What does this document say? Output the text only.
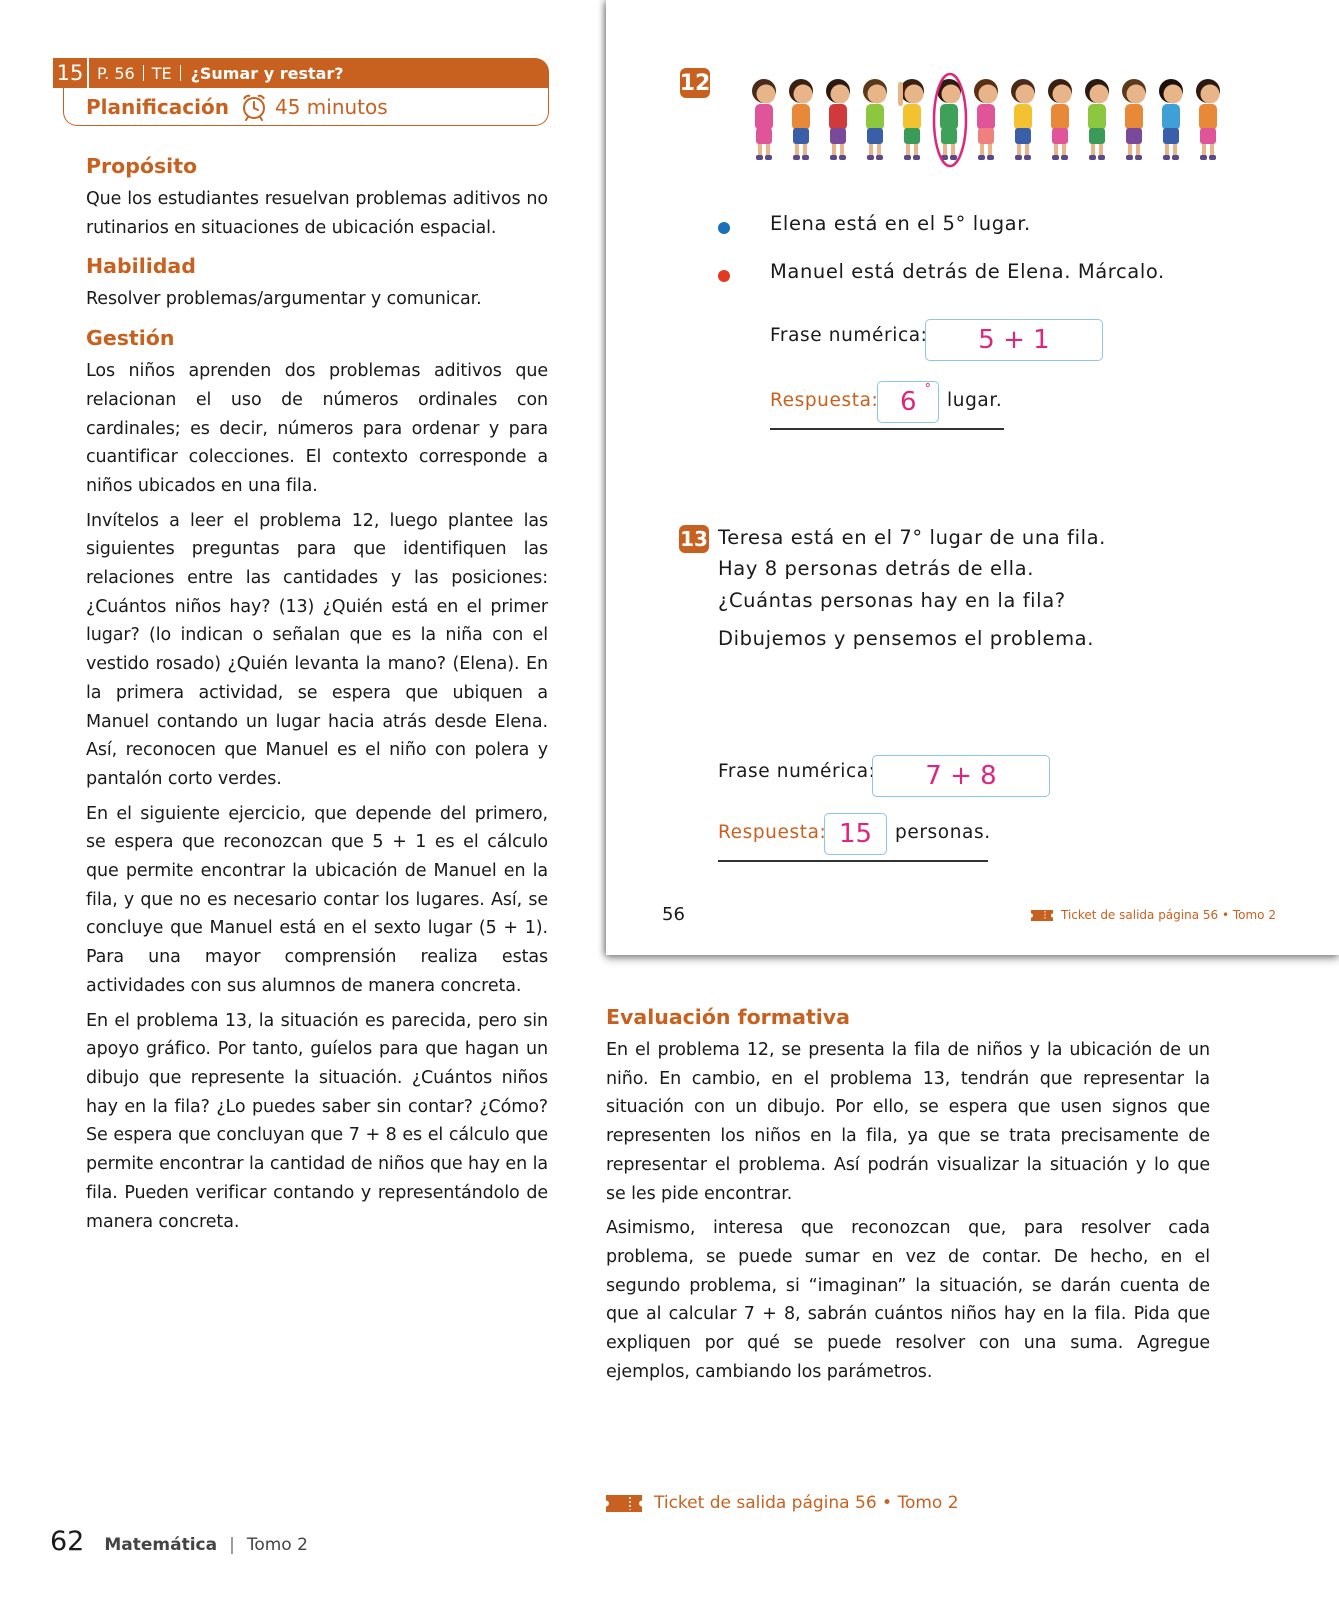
15 P. 56	TE	¿Sumar y restar?
Planificación 45 minutos
Propósito
Que los estudiantes resuelvan problemas aditivos no rutinarios en situaciones de ubicación espacial.
Habilidad
Resolver problemas/argumentar y comunicar.
Gestión
Los niños aprenden dos problemas aditivos que relacionan el uso de números ordinales con cardinales; es decir, números para ordenar y para cuantificar colecciones. El contexto corresponde a niños ubicados en una fila.
Invítelos a leer el problema 12, luego plantee las siguientes preguntas para que identifiquen las relaciones entre las cantidades y las posiciones: ¿Cuántos niños hay? (13) ¿Quién está en el primer lugar? (lo indican o señalan que es la niña con el vestido rosado) ¿Quién levanta la mano? (Elena). En la primera actividad, se espera que ubiquen a Manuel contando un lugar hacia atrás desde Elena. Así, reconocen que Manuel es el niño con polera y pantalón corto verdes.
En el siguiente ejercicio, que depende del primero, se espera que reconozcan que 5 + 1 es el cálculo que permite encontrar la ubicación de Manuel en la fila, y que no es necesario contar los lugares. Así, se concluye que Manuel está en el sexto lugar (5 + 1). Para una mayor comprensión realiza estas actividades con sus alumnos de manera concreta.
En el problema 13, la situación es parecida, pero sin apoyo gráfico. Por tanto, guíelos para que hagan un dibujo que represente la situación. ¿Cuántos niños hay en la fila? ¿Lo puedes saber sin contar? ¿Cómo? Se espera que concluyan que 7 + 8 es el cálculo que permite encontrar la cantidad de niños que hay en la fila. Pueden verificar contando y representándolo de manera concreta.
12
Elena está en el 5° lugar.
Manuel está detrás de Elena. Márcalo.
Frase numérica:	5 + 1
Respuesta: 6 °
lugar.
13 Teresa está en el 7° lugar de una fila.
Hay 8 personas detrás de ella.
¿Cuántas personas hay en la fila?
Dibujemos y pensemos el problema.
Frase numérica:	7 + 8
Respuesta: 15	personas.
56	Ticket de salida página 56 • Tomo 2
Evaluación formativa
En el problema 12, se presenta la fila de niños y la ubicación de un niño. En cambio, en el problema 13, tendrán que representar la situación con un dibujo. Por ello, se espera que usen signos que representen los niños en la fila, ya que se trata precisamente de representar el problema. Así podrán visualizar la situación y lo que se les pide encontrar.
Asimismo, interesa que reconozcan que, para resolver cada problema, se puede sumar en vez de contar. De hecho, en el segundo problema, si “imaginan” la situación, se darán cuenta de que al calcular 7 + 8, sabrán cuántos niños hay en la fila. Pida que expliquen por qué se puede resolver con una suma. Agregue ejemplos, cambiando los parámetros.
Ticket de salida página 56 • Tomo 2
62 Matemática | Tomo 2
